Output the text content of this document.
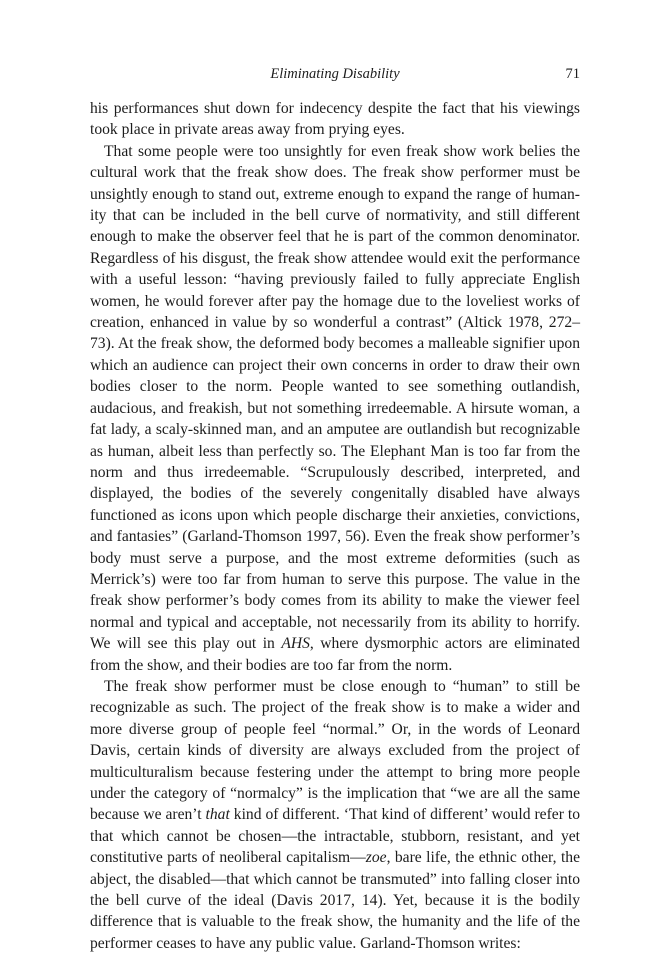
Eliminating Disability	71

his performances shut down for indecency despite the fact that his viewings took place in private areas away from prying eyes.

That some people were too unsightly for even freak show work belies the cultural work that the freak show does. The freak show performer must be unsightly enough to stand out, extreme enough to expand the range of humanity that can be included in the bell curve of normativity, and still different enough to make the observer feel that he is part of the common denominator. Regardless of his disgust, the freak show attendee would exit the performance with a useful lesson: “having previously failed to fully appreciate English women, he would forever after pay the homage due to the loveliest works of creation, enhanced in value by so wonderful a contrast” (Altick 1978, 272–73). At the freak show, the deformed body becomes a malleable signifier upon which an audience can project their own concerns in order to draw their own bodies closer to the norm. People wanted to see something outlandish, audacious, and freakish, but not something irredeemable. A hirsute woman, a fat lady, a scaly-skinned man, and an amputee are outlandish but recognizable as human, albeit less than perfectly so. The Elephant Man is too far from the norm and thus irredeemable. “Scrupulously described, interpreted, and displayed, the bodies of the severely congenitally disabled have always functioned as icons upon which people discharge their anxieties, convictions, and fantasies” (Garland-Thomson 1997, 56). Even the freak show performer’s body must serve a purpose, and the most extreme deformities (such as Merrick’s) were too far from human to serve this purpose. The value in the freak show performer’s body comes from its ability to make the viewer feel normal and typical and acceptable, not necessarily from its ability to horrify. We will see this play out in AHS, where dysmorphic actors are eliminated from the show, and their bodies are too far from the norm.

The freak show performer must be close enough to “human” to still be recognizable as such. The project of the freak show is to make a wider and more diverse group of people feel “normal.” Or, in the words of Leonard Davis, certain kinds of diversity are always excluded from the project of multiculturalism because festering under the attempt to bring more people under the category of “normalcy” is the implication that “we are all the same because we aren’t that kind of different. ‘That kind of different’ would refer to that which cannot be chosen—the intractable, stubborn, resistant, and yet constitutive parts of neoliberal capitalism—zoe, bare life, the ethnic other, the abject, the disabled—that which cannot be transmuted” into falling closer into the bell curve of the ideal (Davis 2017, 14). Yet, because it is the bodily difference that is valuable to the freak show, the humanity and the life of the performer ceases to have any public value. Garland-Thomson writes:
